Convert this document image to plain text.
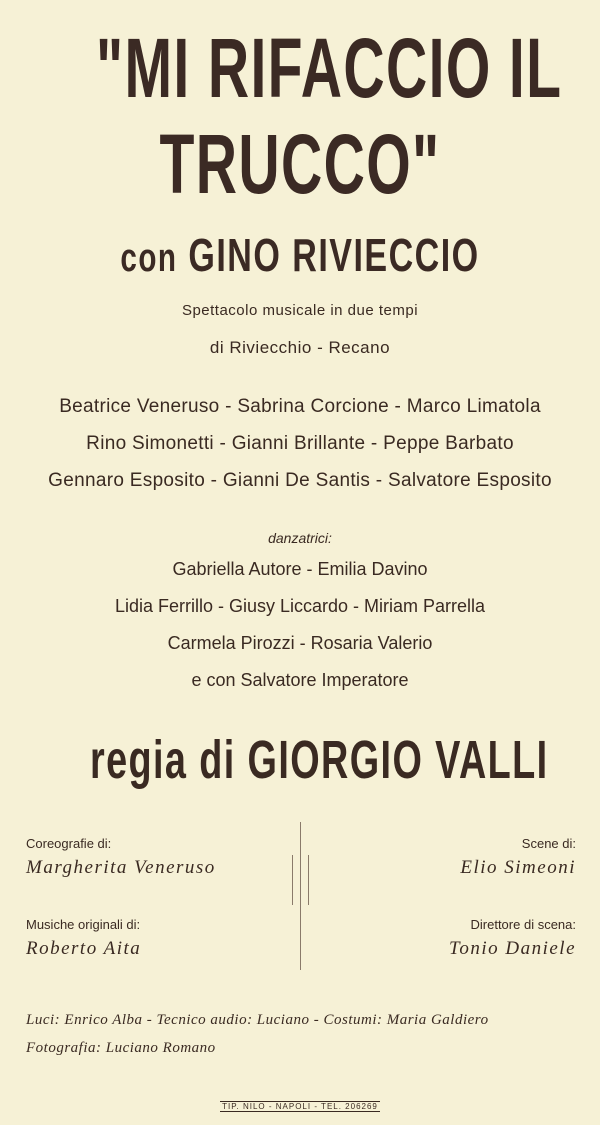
"MI RIFACCIO IL
TRUCCO"
con GINO RIVIECCIO
Spettacolo musicale in due tempi
di Riviecchio - Recano
Beatrice Veneruso - Sabrina Corcione - Marco Limatola
Rino Simonetti - Gianni Brillante - Peppe Barbato
Gennaro Esposito - Gianni De Santis - Salvatore Esposito
danzatrici:
Gabriella Autore - Emilia Davino
Lidia Ferrillo - Giusy Liccardo - Miriam Parrella
Carmela Pirozzi - Rosaria Valerio
e con Salvatore Imperatore
regia di GIORGIO VALLI
Coreografie di:
Margherita Veneruso
Scene di:
Elio Simeoni
Musiche originali di:
Roberto Aita
Direttore di scena:
Tonio Daniele
Luci: Enrico Alba - Tecnico audio: Luciano - Costumi: Maria Galdiero
Fotografia: Luciano Romano
TIP. NILO - NAPOLI - TEL. 206269
